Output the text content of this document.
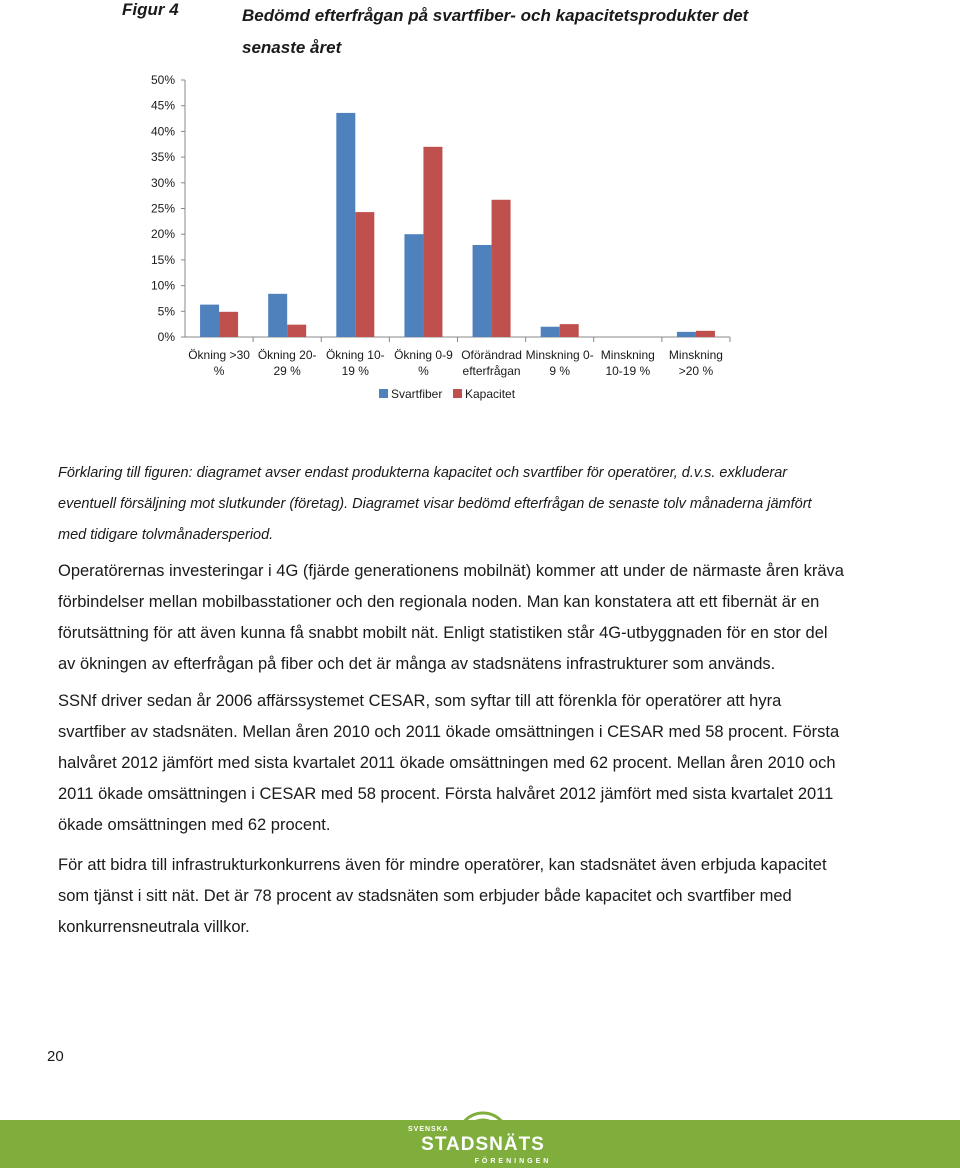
Figur 4	Bedömd efterfrågan på svartfiber- och kapacitetsprodukter det senaste året
0%
5%
10%
15%
20%
25%
30%
35%
40%
45%
50%
Ökning >30
%
Ökning 20-
29 %
Ökning 10-
19 %
Ökning 0-9
%
Oförändrad
efterfrågan
Minskning 0-
9 %
Minskning
10-19 %
Minskning
>20 %
Svartfiber Kapacitet
Förklaring till figuren: diagramet avser endast produkterna kapacitet och svartfiber för operatörer, d.v.s. exkluderar eventuell försäljning mot slutkunder (företag). Diagramet visar bedömd efterfrågan de senaste tolv månaderna jämfört med tidigare tolvmånadersperiod.

Operatörernas investeringar i 4G (fjärde generationens mobilnät) kommer att under de närmaste åren kräva förbindelser mellan mobilbasstationer och den regionala noden. Man kan konstatera att ett fibernät är en förutsättning för att även kunna få snabbt mobilt nät. Enligt statistiken står 4G-utbyggnaden för en stor del av ökningen av efterfrågan på fiber och det är många av stadsnätens infrastrukturer som används.

SSNf driver sedan år 2006 affärssystemet CESAR, som syftar till att förenkla för operatörer att hyra svartfiber av stadsnäten. Mellan åren 2010 och 2011 ökade omsättningen i CESAR med 58 procent. Första halvåret 2012 jämfört med sista kvartalet 2011 ökade omsättningen med 62 procent. Mellan åren 2010 och 2011 ökade omsättningen i CESAR med 58 procent. Första halvåret 2012 jämfört med sista kvartalet 2011 ökade omsättningen med 62 procent.

För att bidra till infrastrukturkonkurrens även för mindre operatörer, kan stadsnätet även erbjuda kapacitet som tjänst i sitt nät. Det är 78 procent av stadsnäten som erbjuder både kapacitet och svartfiber med konkurrensneutrala villkor.

20
SVENSKA
STADSNÄTS
FÖRENINGEN
